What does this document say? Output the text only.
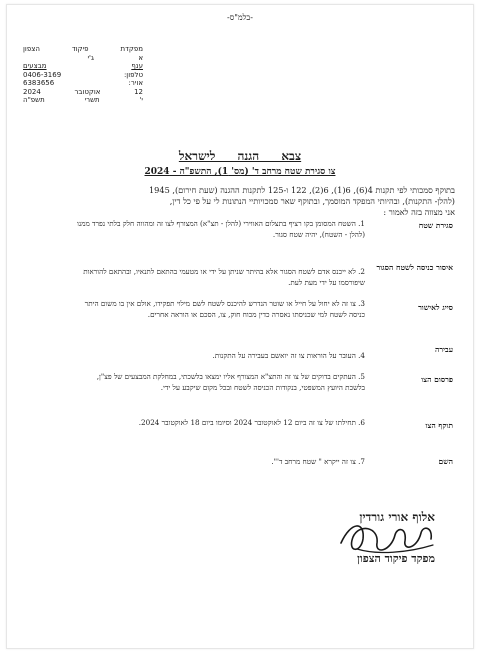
-בלמ"ס-
מפקדת
פיקוד
הצפון
א
ג'י
ענף
מבצעים
טלפון:
0406-3169
אויר:
6383656
12
אוקטובר
2024
י'
תשרי
תשפ"ה
צבא הגנה לישראל
צו סגירת שטח מרחב ד' (מס' 1), התשפ"ה - 2024
בתוקף סמכותי לפי תקנות 4(6), 6(1), 6(2), 122 ו-125 לתקנות ההגנה (שעת חירום), 1945
(להלן- התקנות), ובהיותי המפקד המוסמך, ובתוקף שאר סמכויותיי הנתונות לי על פי כל דין,
אני מצווה בזה לאמור :
סגירת שטח
1. השטח המסומן בקו רציף בתצלום האווירי (להלן - תצ"א) המצורף לצו זה ומהווה חלק בלתי נפרד ממנו (להלן - השטח), יהיה שטח סגור.
איסור כניסה לשטח הסגור
2. לא ייכנס אדם לשטח הסגור אלא בהיתר שניתן על ידי או מטעמי בהתאם לתנאיו, ובהתאם להוראות שיפורסמו על ידי מעת לעת.
סייג לאישור
3. צו זה לא יחול על חייל או שוטר הנדרש להיכנס לשטח לשם מילוי תפקידו, אולם אין בו משום היתר כניסה לשטח למי שכניסתו נאסרה כדין מכוח חוק, צו, הסכם או הוראה אחרים.
עבירה
4. העובר על הוראות צו זה יואשם בעבירה על התקנות.
פרסום הצו
5. העתקים בדוקים של צו זה והתצ"א המצורף אליו ימצאו בלשכתי, במחלקת המבצעים של פצ"ן, בלשכת היועץ המשפטי, בנקודות הכניסה לשטח ובכל מקום שיקבע על ידי.
תוקף הצו
6. תחילתו של צו זה ביום 12 לאוקטובר 2024 וסיומו ביום 18 לאוקטובר 2024.
השם
7. צו זה ייקרא " שטח מרחב ד'".
אלוף אורי גורדין
מפקד פיקוד הצפון
